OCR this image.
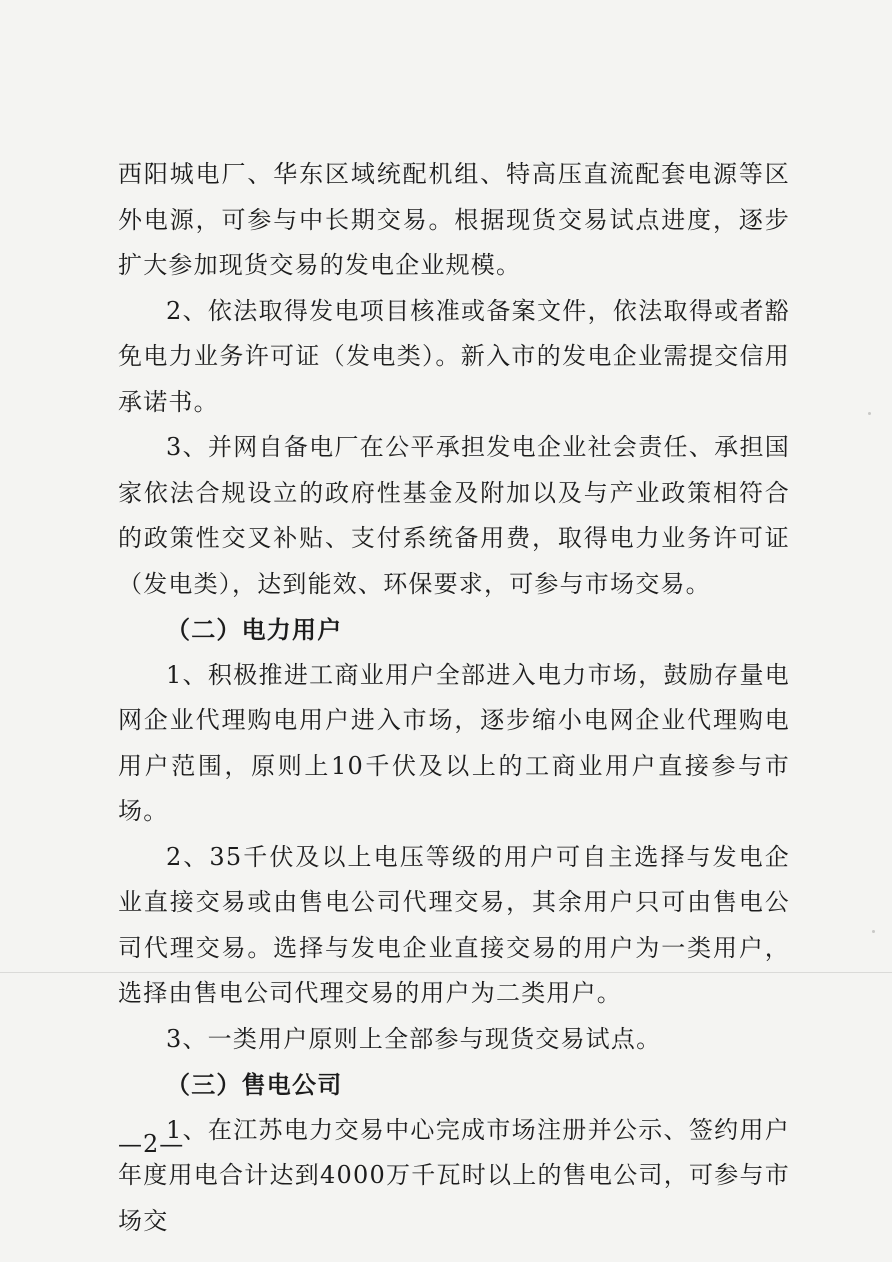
西阳城电厂、华东区域统配机组、特高压直流配套电源等区外电源，可参与中长期交易。根据现货交易试点进度，逐步扩大参加现货交易的发电企业规模。

2、依法取得发电项目核准或备案文件，依法取得或者豁免电力业务许可证（发电类）。新入市的发电企业需提交信用承诺书。

3、并网自备电厂在公平承担发电企业社会责任、承担国家依法合规设立的政府性基金及附加以及与产业政策相符合的政策性交叉补贴、支付系统备用费，取得电力业务许可证（发电类），达到能效、环保要求，可参与市场交易。

（二）电力用户

1、积极推进工商业用户全部进入电力市场，鼓励存量电网企业代理购电用户进入市场，逐步缩小电网企业代理购电用户范围，原则上10千伏及以上的工商业用户直接参与市场。

2、35千伏及以上电压等级的用户可自主选择与发电企业直接交易或由售电公司代理交易，其余用户只可由售电公司代理交易。选择与发电企业直接交易的用户为一类用户，选择由售电公司代理交易的用户为二类用户。

3、一类用户原则上全部参与现货交易试点。

（三）售电公司

1、在江苏电力交易中心完成市场注册并公示、签约用户年度用电合计达到4000万千瓦时以上的售电公司，可参与市场交

—2—
